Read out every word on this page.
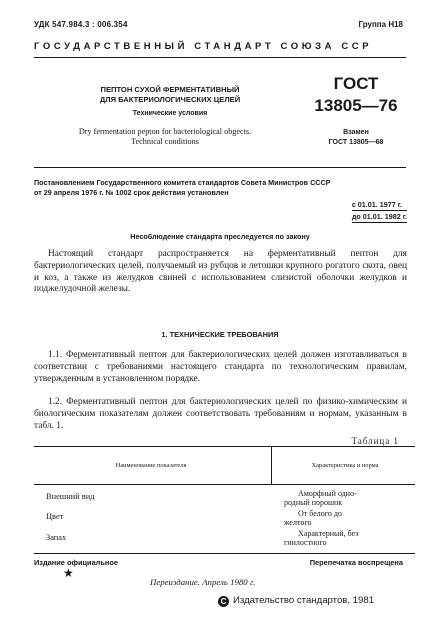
УДК 547.984.3 : 006.354	Группа Н18
ГОСУДАРСТВЕННЫЙ СТАНДАРТ СОЮЗА ССР
ПЕПТОН СУХОЙ ФЕРМЕНТАТИВНЫЙ
ДЛЯ БАКТЕРИОЛОГИЧЕСКИХ ЦЕЛЕЙ
Технические условия
Dry fermentation pepton for bacteriological obgects.
Technical conditions
ГОСТ
13805—76
Взамен
ГОСТ 13805—68
Постановлением Государственного комитета стандартов Совета Министров СССР
от 29 апреля 1976 г. № 1002 срок действия установлен
с 01.01. 1977 г.
до 01.01. 1982 г.
Несоблюдение стандарта преследуется по закону
Настоящий стандарт распространяется на ферментативный пептон для бактериологических целей, получаемый из рубцов и летошки крупного рогатого скота, овец и коз, а также из желудков свиней с использованием слизистой оболочки желудков и поджелудочной железы.
1. ТЕХНИЧЕСКИЕ ТРЕБОВАНИЯ
1.1. Ферментативный пептон для бактериологических целей должен изготавливаться в соответствии с требованиями настоящего стандарта по технологическим правилам, утвержденным в установленном порядке.
1.2. Ферментативный пептон для бактериологических целей по физико-химическим и биологическим показателям должен соответствовать требованиям и нормам, указанным в табл. 1.
Таблица 1
Наименование показателя	Характеристика и норма
Внешний вид	Аморфный одно-
родный порошок
Цвет	От белого до
желтого
Запах	Характерный, без
гнилостного
Издание официальное	Перепечатка воспрещена
★
Переиздание. Апрель 1980 г.
С Издательство стандартов, 1981
